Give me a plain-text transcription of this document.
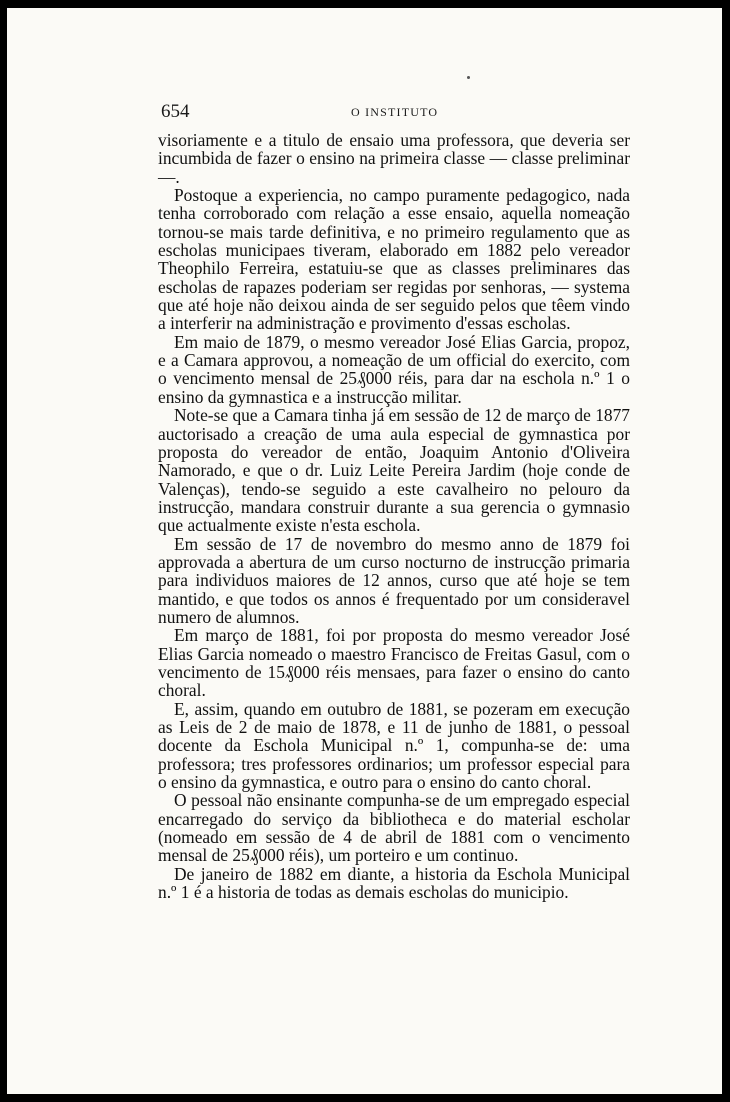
654	O INSTITUTO

visoriamente e a titulo de ensaio uma professora, que deveria ser incumbida de fazer o ensino na primeira classe — classe preliminar —.

Postoque a experiencia, no campo puramente pedagogico, nada tenha corroborado com relação a esse ensaio, aquella nomeação tornou-se mais tarde definitiva, e no primeiro regulamento que as escholas municipaes tiveram, elaborado em 1882 pelo vereador Theophilo Ferreira, estatuiu-se que as classes preliminares das escholas de rapazes poderiam ser regidas por senhoras, — systema que até hoje não deixou ainda de ser seguido pelos que têem vindo a interferir na administração e provimento d'essas escholas.

Em maio de 1879, o mesmo vereador José Elias Garcia, propoz, e a Camara approvou, a nomeação de um official do exercito, com o vencimento mensal de 25₰000 réis, para dar na eschola n.º 1 o ensino da gymnastica e a instrucção militar.

Note-se que a Camara tinha já em sessão de 12 de março de 1877 auctorisado a creação de uma aula especial de gymnastica por proposta do vereador de então, Joaquim Antonio d'Oliveira Namorado, e que o dr. Luiz Leite Pereira Jardim (hoje conde de Valenças), tendo-se seguido a este cavalheiro no pelouro da instrucção, mandara construir durante a sua gerencia o gymnasio que actualmente existe n'esta eschola.

Em sessão de 17 de novembro do mesmo anno de 1879 foi approvada a abertura de um curso nocturno de instrucção primaria para individuos maiores de 12 annos, curso que até hoje se tem mantido, e que todos os annos é frequentado por um consideravel numero de alumnos.

Em março de 1881, foi por proposta do mesmo vereador José Elias Garcia nomeado o maestro Francisco de Freitas Gasul, com o vencimento de 15₰000 réis mensaes, para fazer o ensino do canto choral.

E, assim, quando em outubro de 1881, se pozeram em execução as Leis de 2 de maio de 1878, e 11 de junho de 1881, o pessoal docente da Eschola Municipal n.º 1, compunha-se de: uma professora; tres professores ordinarios; um professor especial para o ensino da gymnastica, e outro para o ensino do canto choral.

O pessoal não ensinante compunha-se de um empregado especial encarregado do serviço da bibliotheca e do material escholar (nomeado em sessão de 4 de abril de 1881 com o vencimento mensal de 25₰000 réis), um porteiro e um continuo.

De janeiro de 1882 em diante, a historia da Eschola Municipal n.º 1 é a historia de todas as demais escholas do municipio.
